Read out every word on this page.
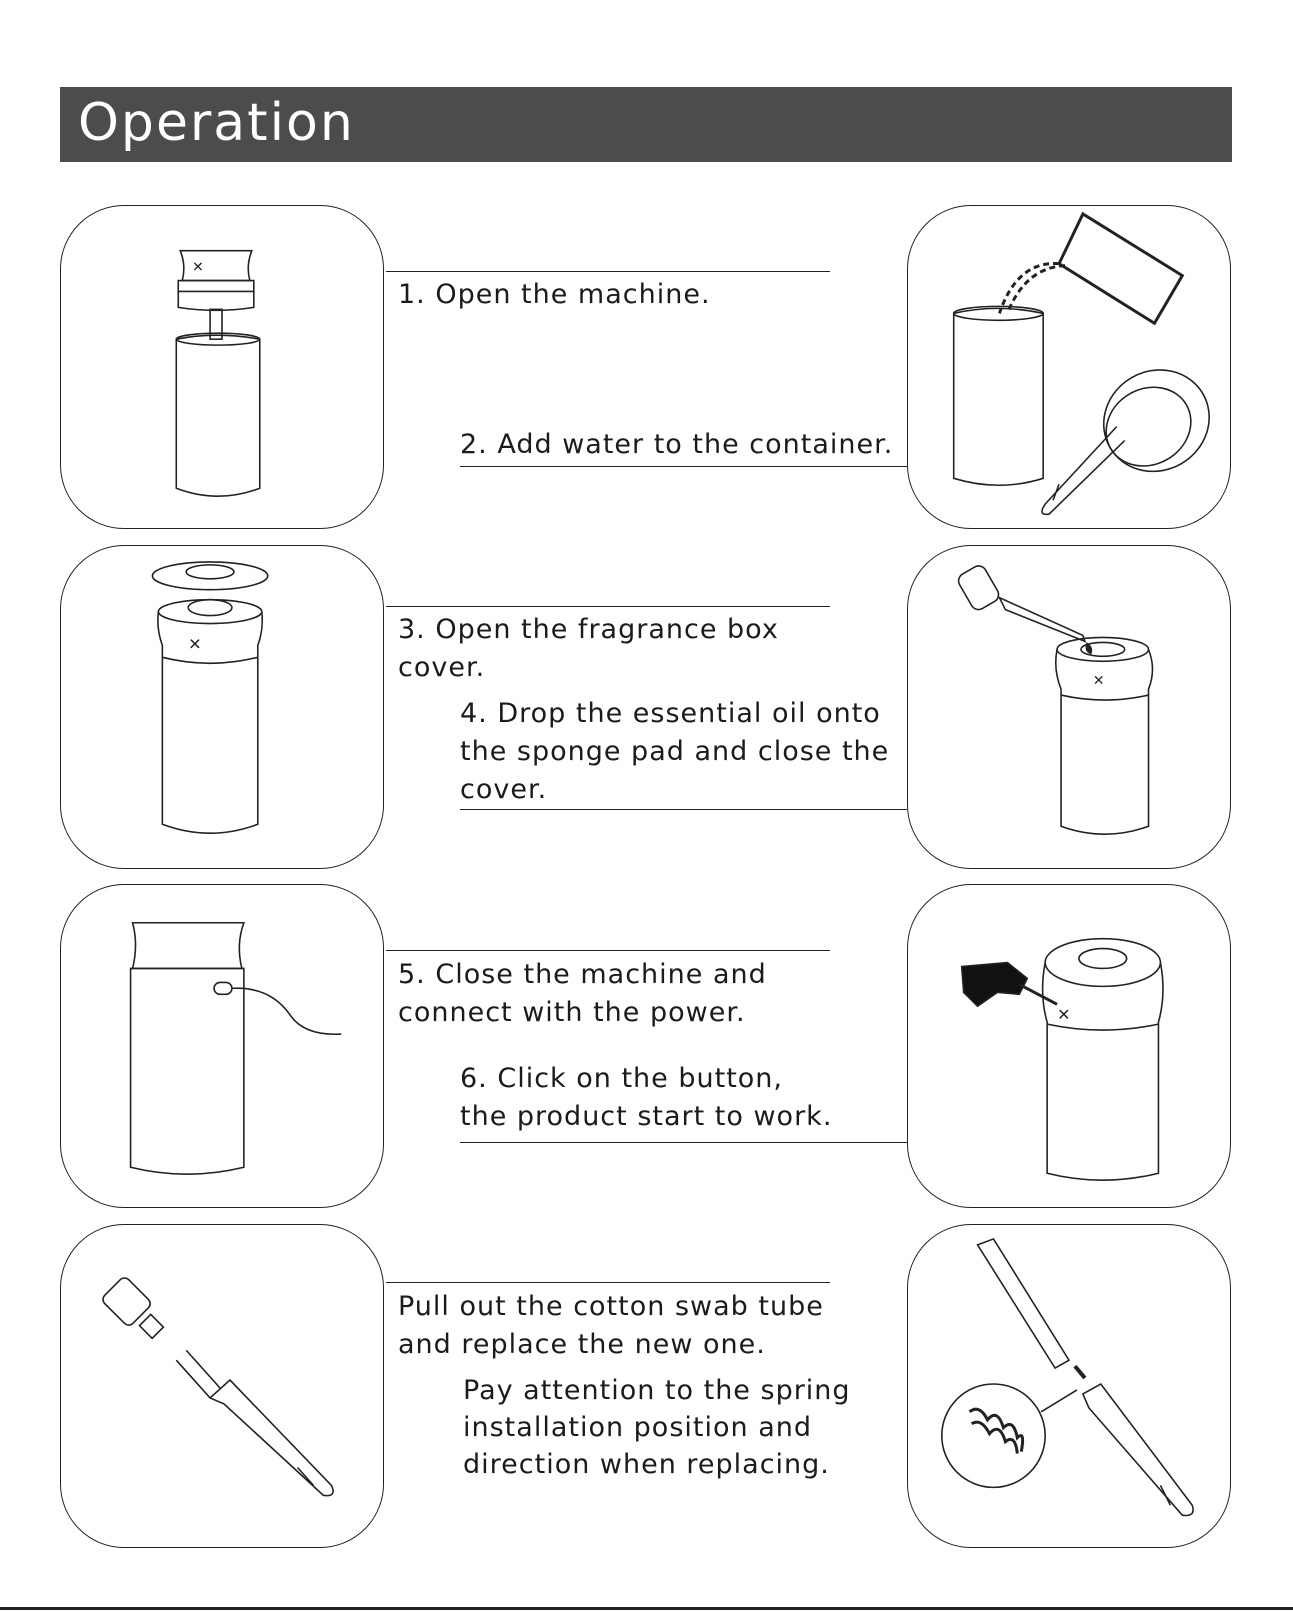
Operation
✕
1. Open the machine.
2. Add water to the container.
✕	3. Open the fragrance box
cover.
4. Drop the essential oil onto
the sponge pad and close the
cover.
✕
5. Close the machine and
connect with the power.
6. Click on the button,
the product start to work.
✕
Pull out the cotton swab tube
and replace the new one.
Pay attention to the spring
installation position and
direction when replacing.
